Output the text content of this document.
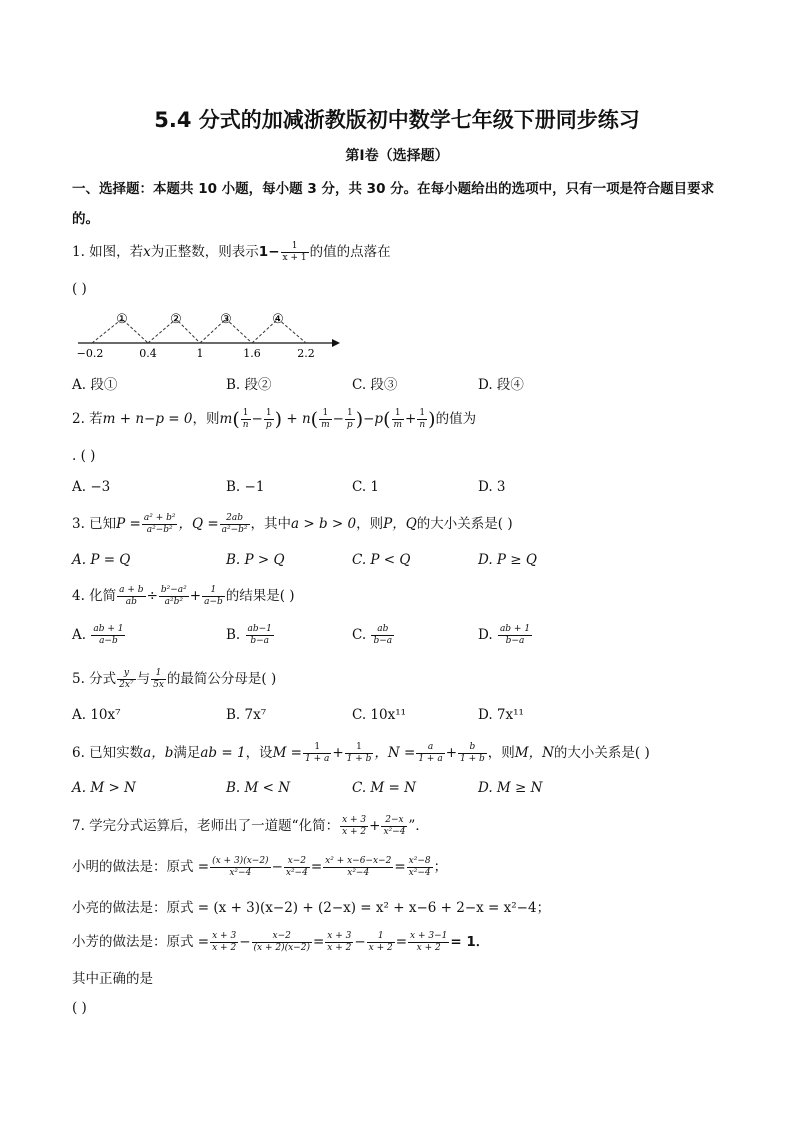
5.4 分式的加减浙教版初中数学七年级下册同步练习
第Ⅰ卷（选择题）
一、选择题：本题共 10 小题，每小题 3 分，共 30 分。在每小题给出的选项中，只有一项是符合题目要求
的。
1. 如图，若x为正整数，则表示$1- \frac{1}{x + 1}$ 的值的点落在
( )
①	②	③	④
−0.2	0.4	1	1.6	2.2
A. 段①	B. 段②	C. 段③	D. 段④
2. 若m + n−p = 0，则$m( \frac{1}{n} - \frac{1}{p}$ ) + $n( \frac{1}{m} - \frac{1}{p} )-p( \frac{1}{m} + \frac{1}{n}$ )的值为
. ( )
A. −3	B. −1	C. 1	D. 3
3. 已知$P = \frac{\text{a² + b²}}{\text{a²−b²}}$ ，$Q = \frac{2ab}{\text{a²−b²}}$ ，其中a > b > 0，则P，Q的大小关系是( )
A. P = Q	B. P > Q	C. P < Q	D. P ≥ Q
4. 化简 $\frac{a + b}{ab} \div \frac{\text{b²−a²}}{\text{a²b²}} + \frac{1}{a-b}$ 的结果是( )
A. $\frac{ab + 1}{a-b}$	B. $\frac{ab-1}{b-a}$	C. $\frac{ab}{b-a}$	D. $\frac{ab + 1}{b-a}$
5. 分式 $\frac{y}{\text{2x⁷}}$ 与 $\frac{1}{5x}$ 的最简公分母是( )
A. 10x⁷	B. 7x⁷	C. 10x¹¹	D. 7x¹¹
6. 已知实数a，b满足ab = 1，设$M = \frac{1}{1 + a} + \frac{1}{1 + b}$ ，$N = \frac{a}{1 + a} + \frac{b}{1 + b}$ ，则M，N的大小关系是( )
A. M > N	B. M < N	C. M = N	D. M ≥ N
7. 学完分式运算后，老师出了一道题“化简： $\frac{x + 3}{x + 2} + \frac{2-x}{\text{x²−4}}$ ”．
小明的做法是：原式 = $\frac{(x + 3)(x-2)}{\text{x²−4}} - \frac{x-2}{\text{x²−4}} = \frac{\text{x² + x−6−x−2}}{\text{x²−4}} = \frac{\text{x²−8}}{\text{x²−4}}$ ；
小亮的做法是：原式 = (x + 3)(x−2) + (2−x) = x² + x−6 + 2−x = x²−4；
小芳的做法是：原式 = $\frac{x + 3}{x + 2} - \frac{x-2}{(x + 2)(x-2)} = \frac{x + 3}{x + 2} - \frac{1}{x + 2} = \frac{x + 3-1}{x + 2} = 1$．
其中正确的是
( )
